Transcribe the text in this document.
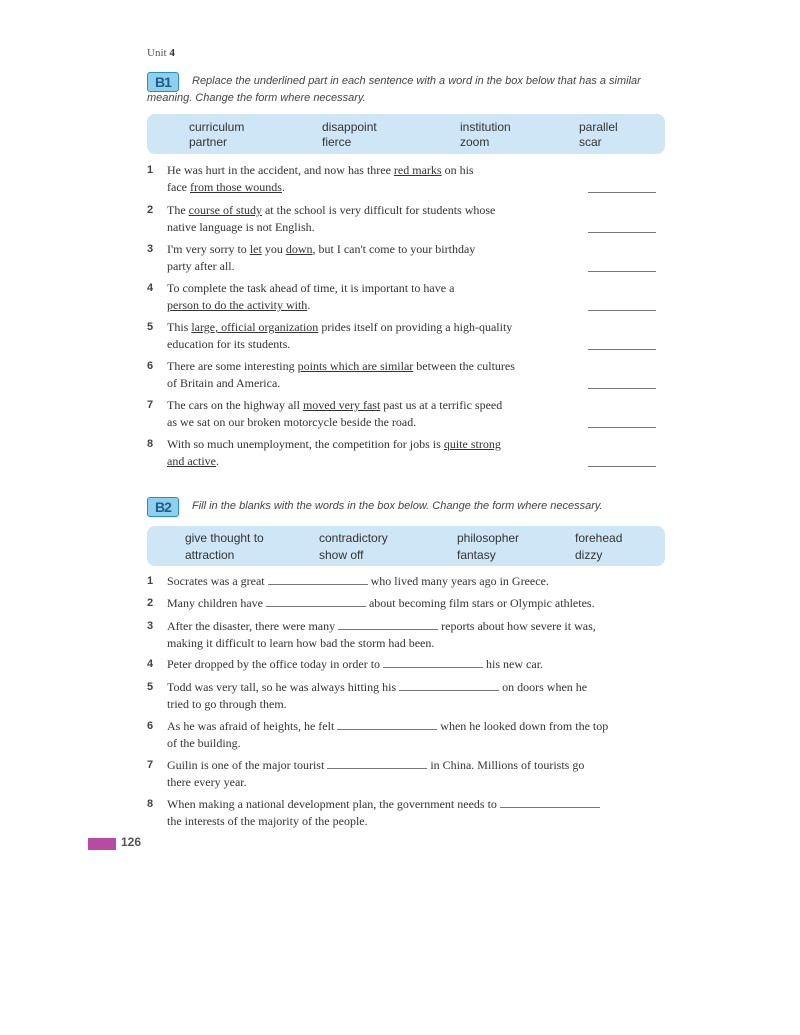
Unit 4
B1	Replace the underlined part in each sentence with a word in the box below that has a similar
meaning. Change the form where necessary.
curriculum	disappoint	institution	parallel
partner	fierce	zoom	scar
1 He was hurt in the accident, and now has three red marks on his
face from those wounds.
2 The course of study at the school is very difficult for students whose
native language is not English.
3 I'm very sorry to let you down, but I can't come to your birthday
party after all.
4 To complete the task ahead of time, it is important to have a
person to do the activity with.
5 This large, official organization prides itself on providing a high-quality
education for its students.
6 There are some interesting points which are similar between the cultures
of Britain and America.
7 The cars on the highway all moved very fast past us at a terrific speed
as we sat on our broken motorcycle beside the road.
8 With so much unemployment, the competition for jobs is quite strong
and active.
B2	Fill in the blanks with the words in the box below. Change the form where necessary.
give thought to	contradictory	philosopher	forehead
attraction	show off	fantasy	dizzy
1 Socrates was a great	who lived many years ago in Greece.
2 Many children have	about becoming film stars or Olympic athletes.
3 After the disaster, there were many	reports about how severe it was,
making it difficult to learn how bad the storm had been.
4 Peter dropped by the office today in order to	his new car.
5 Todd was very tall, so he was always hitting his	on doors when he
tried to go through them.
6 As he was afraid of heights, he felt	when he looked down from the top
of the building.
7 Guilin is one of the major tourist	in China. Millions of tourists go
there every year.
8 When making a national development plan, the government needs to
the interests of the majority of the people.
126
